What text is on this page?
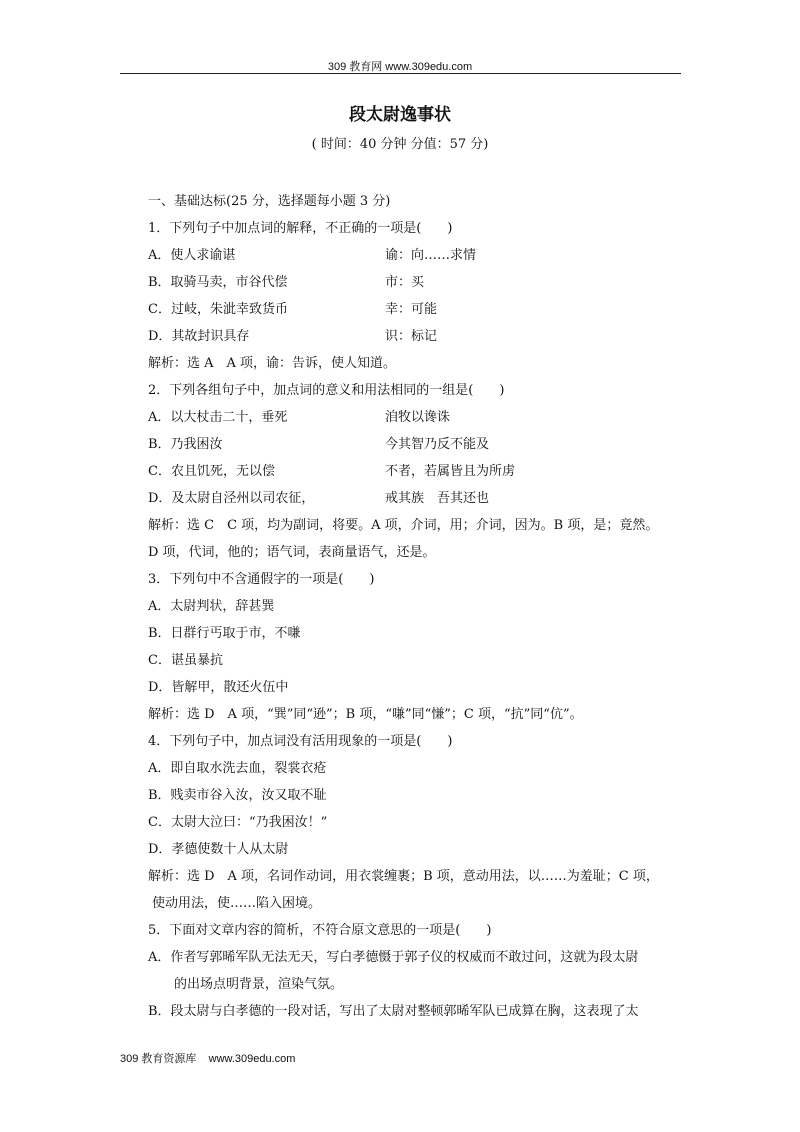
309 教育网 www.309edu.com
段太尉逸事状
( 时间：40 分钟 分值：57 分)
一、基础达标(25 分，选择题每小题 3 分)
1．下列句子中加点词的解释，不正确的一项是(　　)
A．使人求谕谌	谕：向……求情
B．取骑马卖，市谷代偿	市：买
C．过岐，朱泚幸致货币	幸：可能
D．其故封识具存	识：标记
解析：选 A　A 项，谕：告诉，使人知道。
2．下列各组句子中，加点词的意义和用法相同的一组是(　　)
A．以大杖击二十，垂死	洎牧以谗诛
B．乃我困汝	今其智乃反不能及
C．农且饥死，无以偿	不者，若属皆且为所虏
D．及太尉自泾州以司农征，	戒其族　吾其还也
解析：选 C　C 项，均为副词，将要。A 项，介词，用；介词，因为。B 项，是；竟然。
D 项，代词，他的；语气词，表商量语气，还是。
3．下列句中不含通假字的一项是(　　)
A．太尉判状，辞甚巽
B．日群行丐取于市，不嗛
C．谌虽暴抗
D．皆解甲，散还火伍中
解析：选 D　A 项，“巽”同“逊”；B 项，“嗛”同“慊”；C 项，“抗”同“伉”。
4．下列句子中，加点词没有活用现象的一项是(　　)
A．即自取水洗去血，裂裳衣疮
B．贱卖市谷入汝，汝又取不耻
C．太尉大泣曰：“乃我困汝！”
D．孝德使数十人从太尉
解析：选 D　A 项，名词作动词，用衣裳缠裹；B 项，意动用法，以……为羞耻；C 项，
使动用法，使……陷入困境。
5．下面对文章内容的简析，不符合原文意思的一项是(　　)
A．作者写郭晞军队无法无天，写白孝德慑于郭子仪的权威而不敢过问，这就为段太尉
的出场点明背景，渲染气氛。
B．段太尉与白孝德的一段对话，写出了太尉对整顿郭晞军队已成算在胸，这表现了太
309 教育资源库    www.309edu.com
